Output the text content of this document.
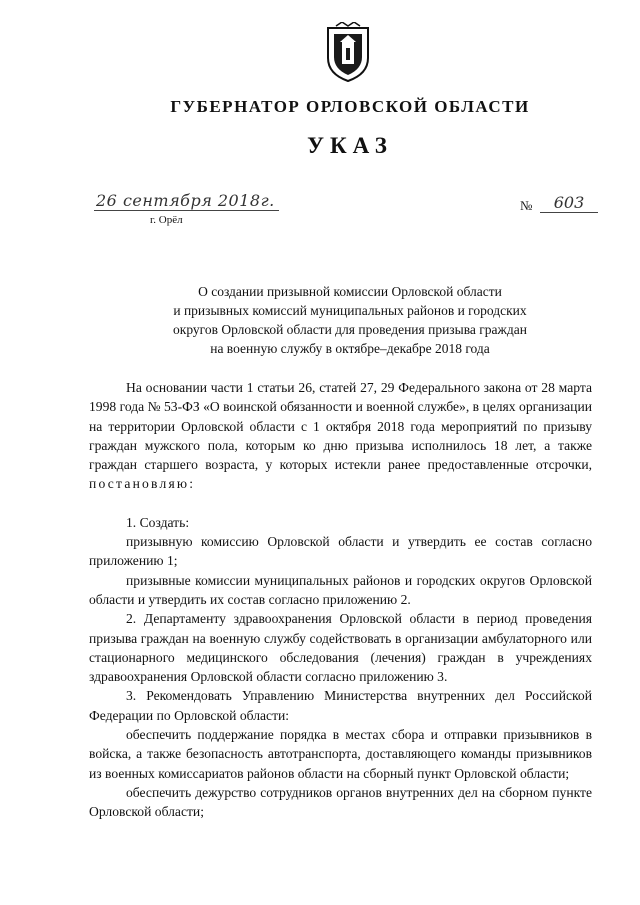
ГУБЕРНАТОР ОРЛОВСКОЙ ОБЛАСТИ
УКАЗ
26 сентября 2018г.
г. Орёл
№	603
О создании призывной комиссии Орловской области
и призывных комиссий муниципальных районов и городских
округов Орловской области для проведения призыва граждан
на военную службу в октябре–декабре 2018 года

На основании части 1 статьи 26, статей 27, 29 Федерального закона от 28 марта 1998 года № 53-ФЗ «О воинской обязанности и военной службе», в целях организации на территории Орловской области с 1 октября 2018 года мероприятий по призыву граждан мужского пола, которым ко дню призыва исполнилось 18 лет, а также граждан старшего возраста, у которых истекли ранее предоставленные отсрочки, постановляю:

1. Создать:

призывную комиссию Орловской области и утвердить ее состав согласно приложению 1;

призывные комиссии муниципальных районов и городских округов Орловской области и утвердить их состав согласно приложению 2.

2. Департаменту здравоохранения Орловской области в период проведения призыва граждан на военную службу содействовать в организации амбулаторного или стационарного медицинского обследования (лечения) граждан в учреждениях здравоохранения Орловской области согласно приложению 3.

3. Рекомендовать Управлению Министерства внутренних дел Российской Федерации по Орловской области:

обеспечить поддержание порядка в местах сбора и отправки призывников в войска, а также безопасность автотранспорта, доставляющего команды призывников из военных комиссариатов районов области на сборный пункт Орловской области;

обеспечить дежурство сотрудников органов внутренних дел на сборном пункте Орловской области;
